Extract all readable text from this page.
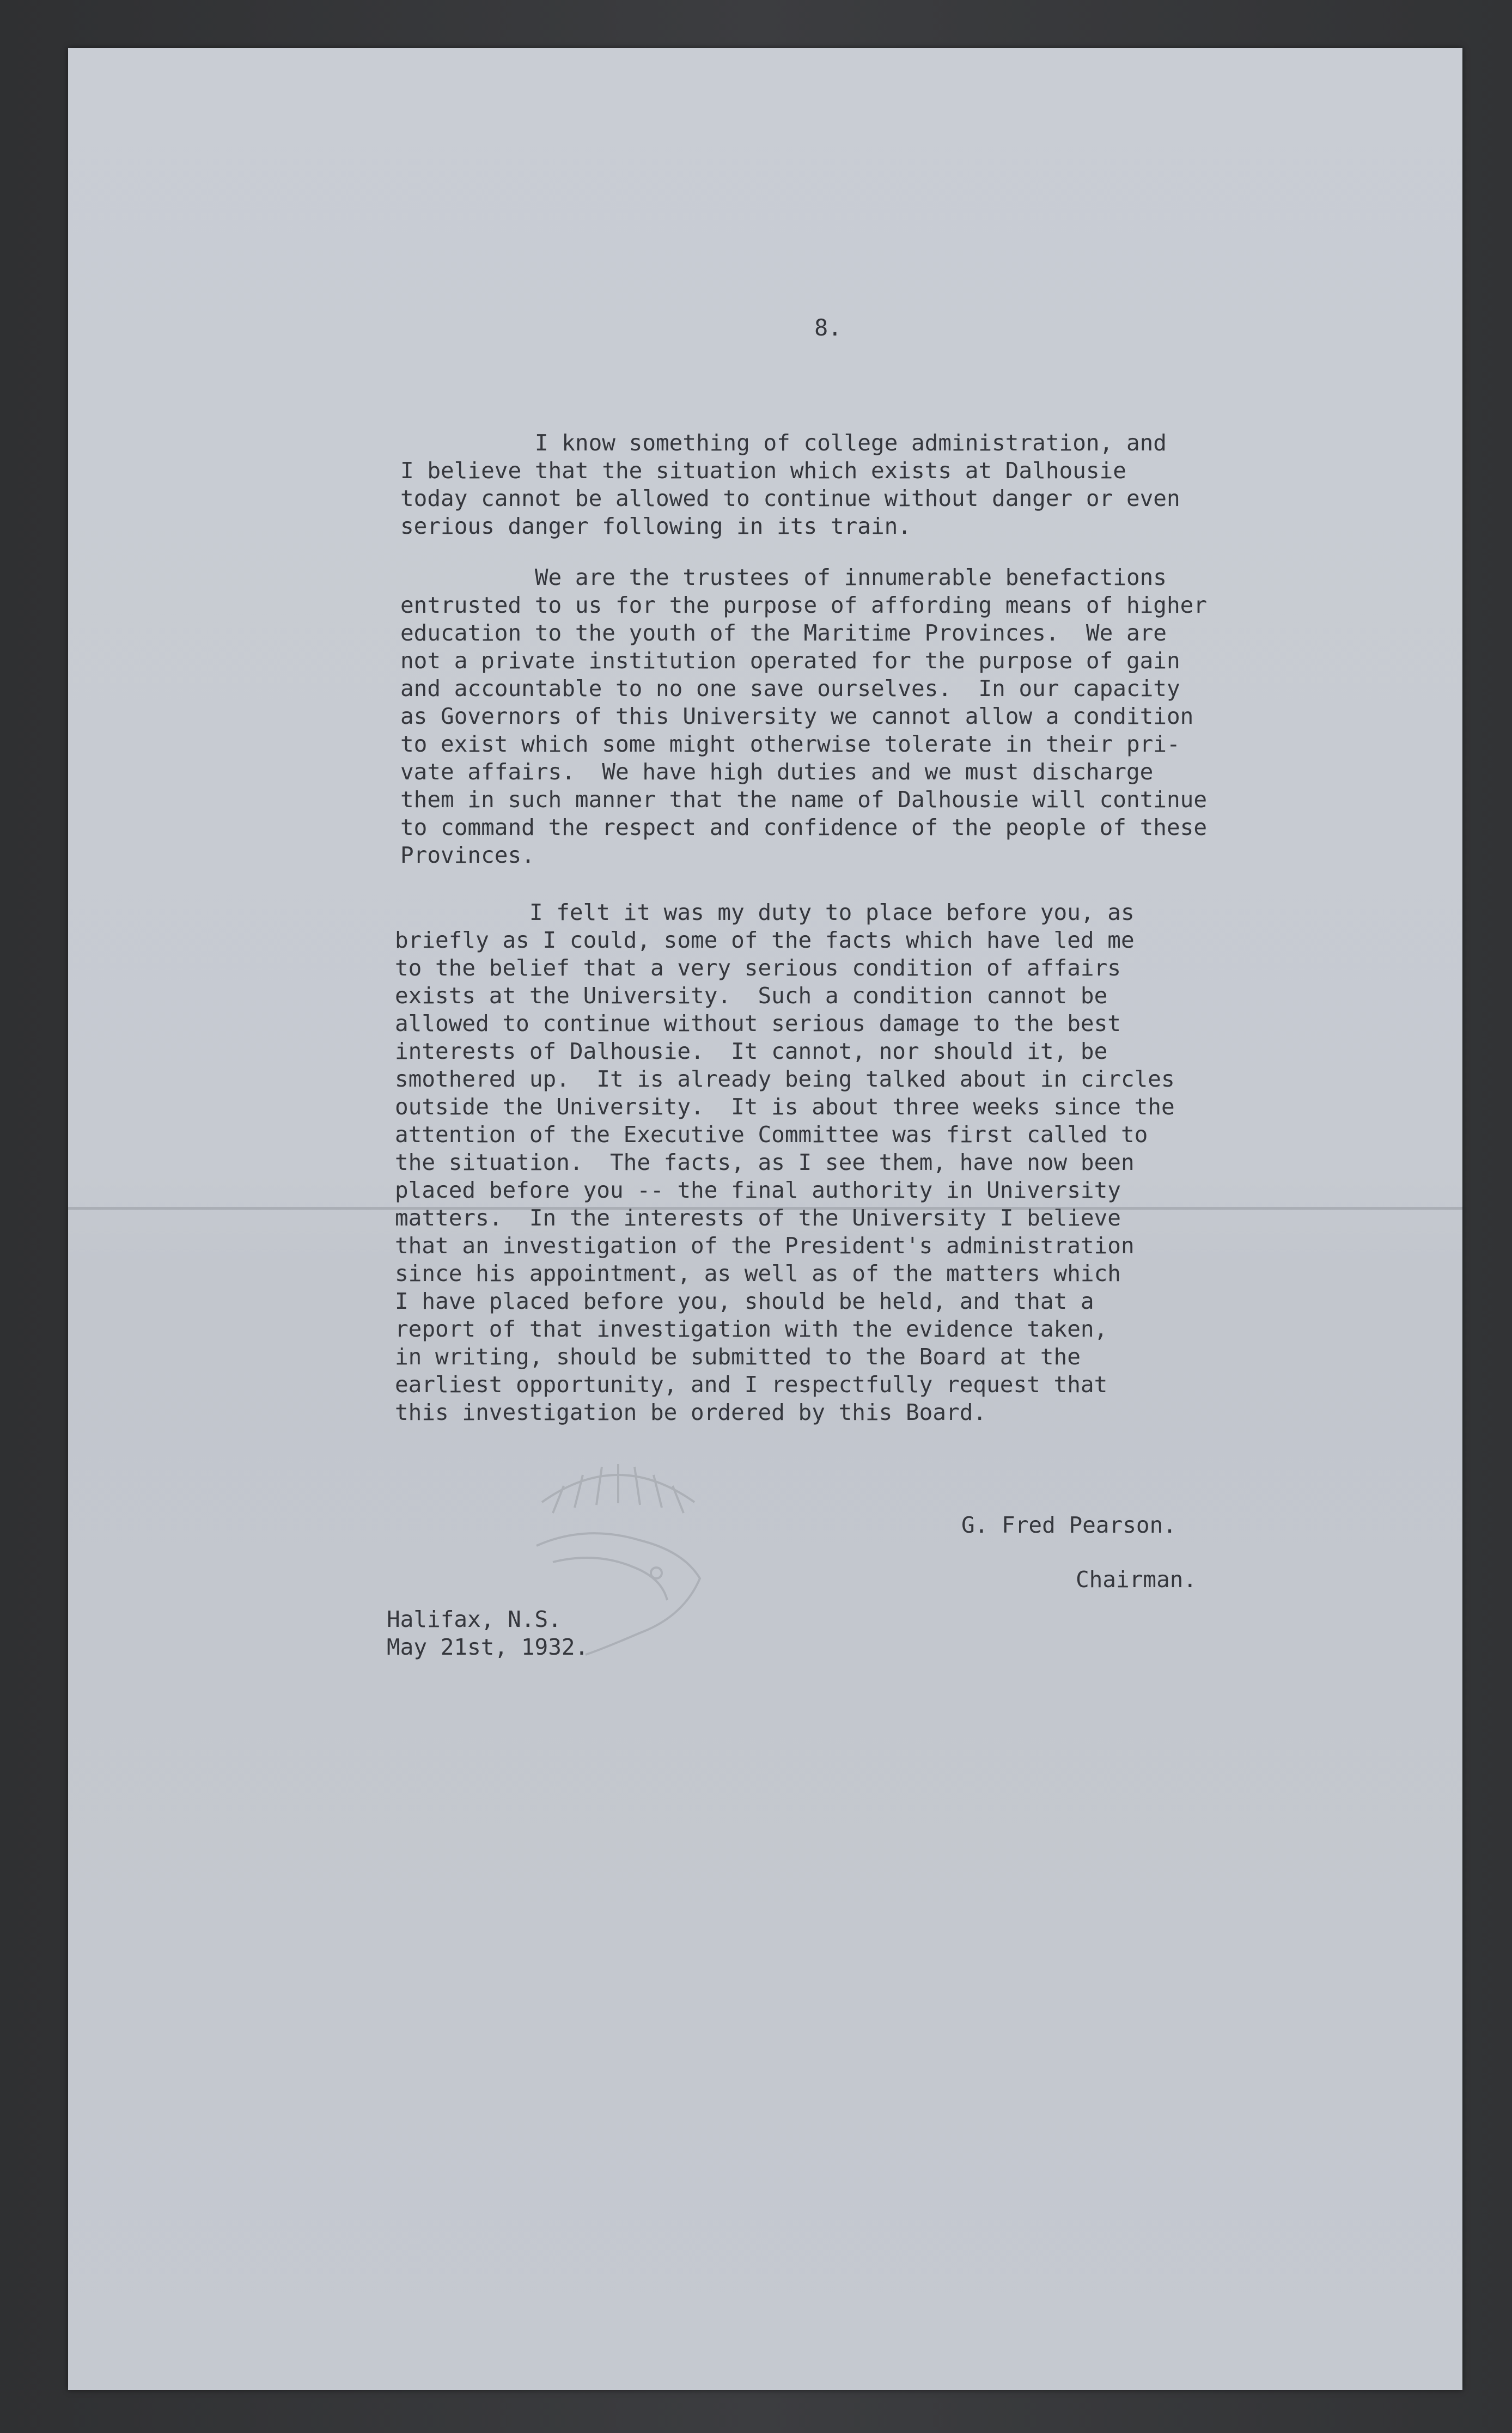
8.
I know something of college administration, and
I believe that the situation which exists at Dalhousie
today cannot be allowed to continue without danger or even
serious danger following in its train.
We are the trustees of innumerable benefactions
entrusted to us for the purpose of affording means of higher
education to the youth of the Maritime Provinces.  We are
not a private institution operated for the purpose of gain
and accountable to no one save ourselves.  In our capacity
as Governors of this University we cannot allow a condition
to exist which some might otherwise tolerate in their pri-
vate affairs.  We have high duties and we must discharge
them in such manner that the name of Dalhousie will continue
to command the respect and confidence of the people of these
Provinces.
I felt it was my duty to place before you, as
briefly as I could, some of the facts which have led me
to the belief that a very serious condition of affairs
exists at the University.  Such a condition cannot be
allowed to continue without serious damage to the best
interests of Dalhousie.  It cannot, nor should it, be
smothered up.  It is already being talked about in circles
outside the University.  It is about three weeks since the
attention of the Executive Committee was first called to
the situation.  The facts, as I see them, have now been
placed before you -- the final authority in University
matters.  In the interests of the University I believe
that an investigation of the President's administration
since his appointment, as well as of the matters which
I have placed before you, should be held, and that a
report of that investigation with the evidence taken,
in writing, should be submitted to the Board at the
earliest opportunity, and I respectfully request that
this investigation be ordered by this Board.
G. Fred Pearson.
Chairman.
Halifax, N.S.
May 21st, 1932.
